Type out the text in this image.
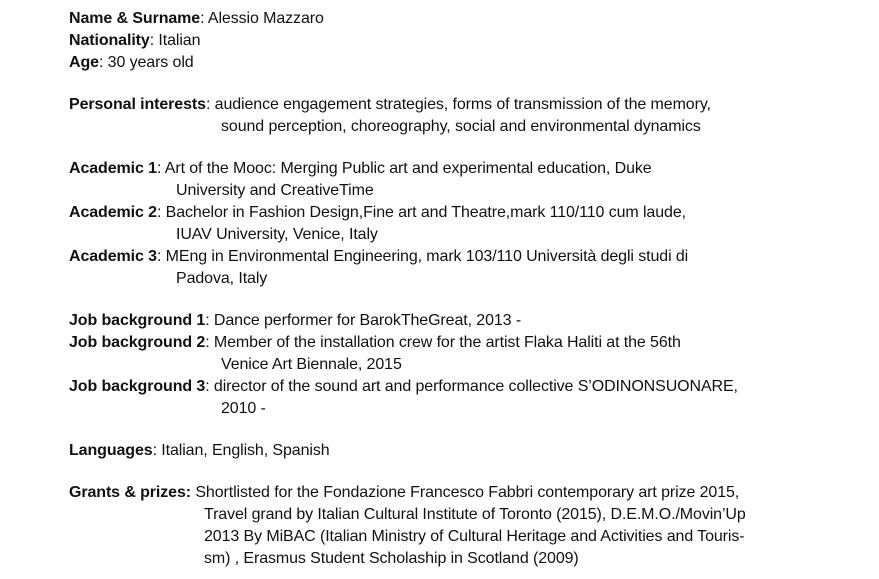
Name & Surname: Alessio Mazzaro
Nationality: Italian
Age: 30 years old
Personal interests: audience engagement strategies, forms of transmission of the memory,
sound perception, choreography, social and environmental dynamics
Academic 1: Art of the Mooc: Merging Public art and experimental education, Duke
University and CreativeTime
Academic 2: Bachelor in Fashion Design,Fine art and Theatre,mark 110/110 cum laude,
IUAV University, Venice, Italy
Academic 3: MEng in Environmental Engineering, mark 103/110 Università degli studi di
Padova, Italy
Job background 1: Dance performer for BarokTheGreat, 2013 -
Job background 2: Member of the installation crew for the artist Flaka Haliti at the 56th
Venice Art Biennale, 2015
Job background 3: director of the sound art and performance collective S’ODINONSUONARE,
2010 -
Languages: Italian, English, Spanish
Grants & prizes: Shortlisted for the Fondazione Francesco Fabbri contemporary art prize 2015,
Travel grand by Italian Cultural Institute of Toronto (2015), D.E.M.O./Movin’Up
2013 By MiBAC (Italian Ministry of Cultural Heritage and Activities and Touris-
sm) , Erasmus Student Scholaship in Scotland (2009)
